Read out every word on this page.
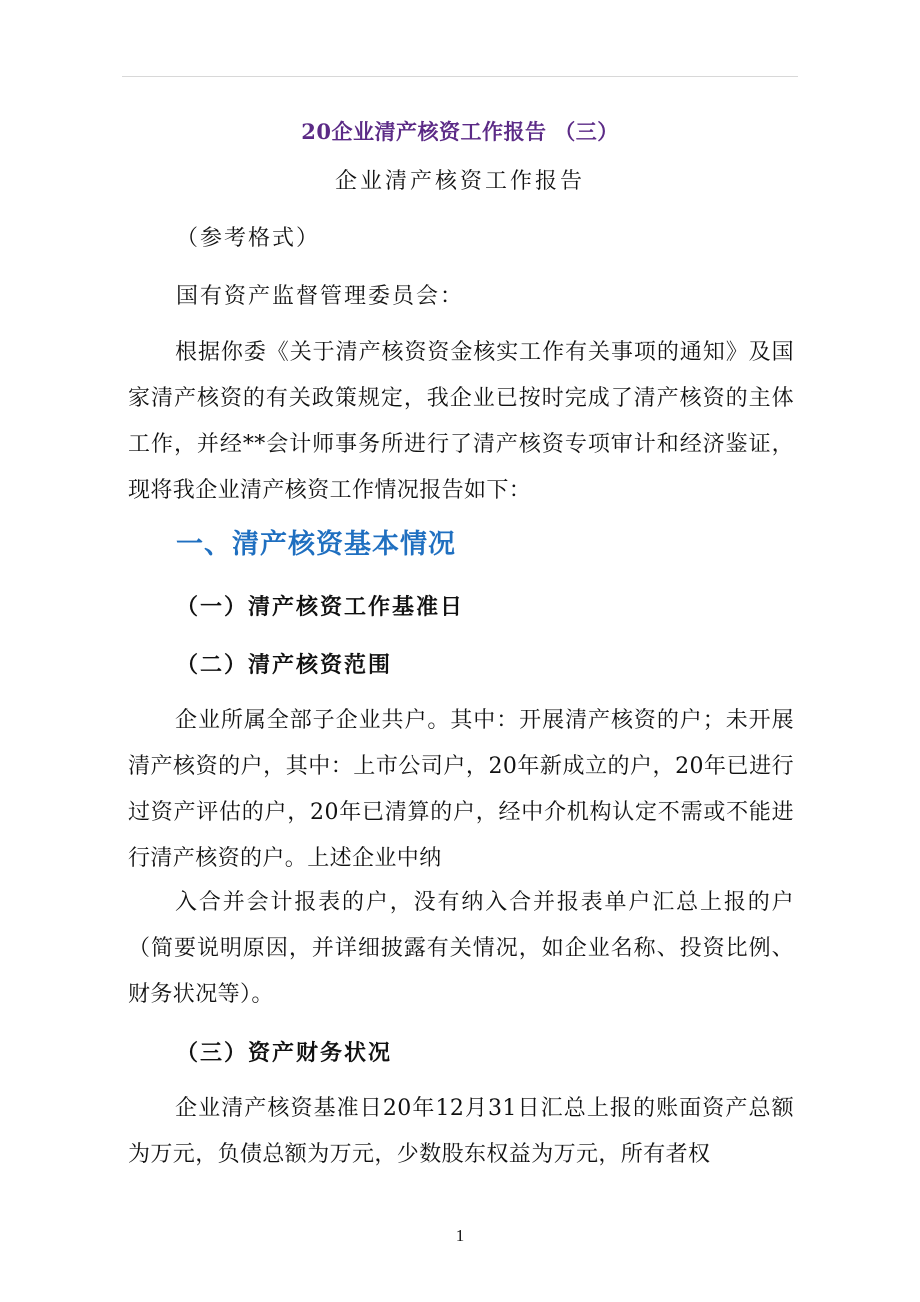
20企业清产核资工作报告 （三）
企业清产核资工作报告
（参考格式）
国有资产监督管理委员会：
根据你委《关于清产核资资金核实工作有关事项的通知》及国家清产核资的有关政策规定，我企业已按时完成了清产核资的主体工作，并经**会计师事务所进行了清产核资专项审计和经济鉴证，现将我企业清产核资工作情况报告如下：
一、清产核资基本情况
（一）清产核资工作基准日
（二）清产核资范围
企业所属全部子企业共户。其中：开展清产核资的户；未开展清产核资的户，其中：上市公司户，20年新成立的户，20年已进行过资产评估的户，20年已清算的户，经中介机构认定不需或不能进行清产核资的户。上述企业中纳
入合并会计报表的户，没有纳入合并报表单户汇总上报的户（简要说明原因，并详细披露有关情况，如企业名称、投资比例、财务状况等）。
（三）资产财务状况
企业清产核资基准日20年12月31日汇总上报的账面资产总额为万元，负债总额为万元，少数股东权益为万元，所有者权
1
